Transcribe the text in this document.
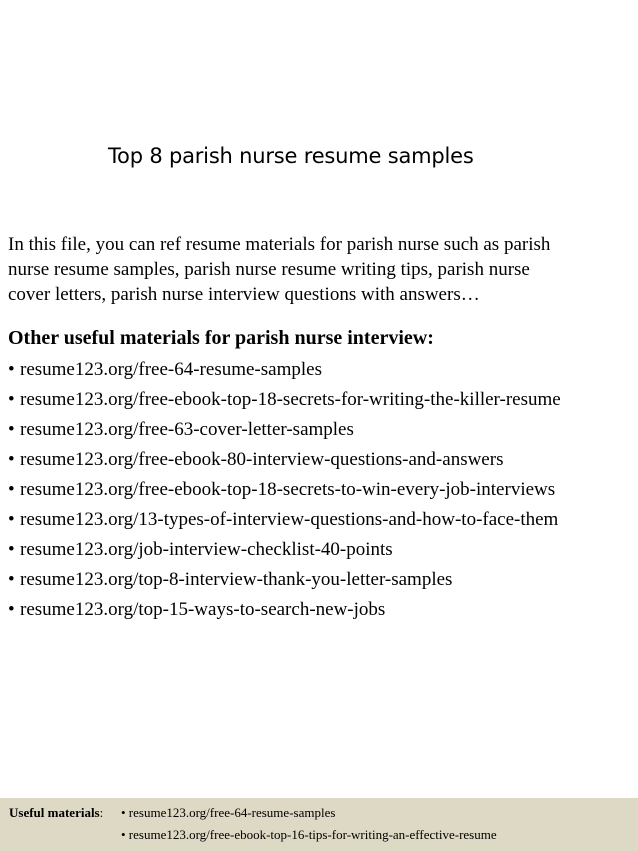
Top 8 parish nurse resume samples
In this file, you can ref resume materials for parish nurse such as parish
nurse resume samples, parish nurse resume writing tips, parish nurse
cover letters, parish nurse interview questions with answers…
Other useful materials for parish nurse interview:
• resume123.org/free-64-resume-samples
• resume123.org/free-ebook-top-18-secrets-for-writing-the-killer-resume
• resume123.org/free-63-cover-letter-samples
• resume123.org/free-ebook-80-interview-questions-and-answers
• resume123.org/free-ebook-top-18-secrets-to-win-every-job-interviews
• resume123.org/13-types-of-interview-questions-and-how-to-face-them
• resume123.org/job-interview-checklist-40-points
• resume123.org/top-8-interview-thank-you-letter-samples
• resume123.org/top-15-ways-to-search-new-jobs
Useful materials: • resume123.org/free-64-resume-samples
• resume123.org/free-ebook-top-16-tips-for-writing-an-effective-resume
